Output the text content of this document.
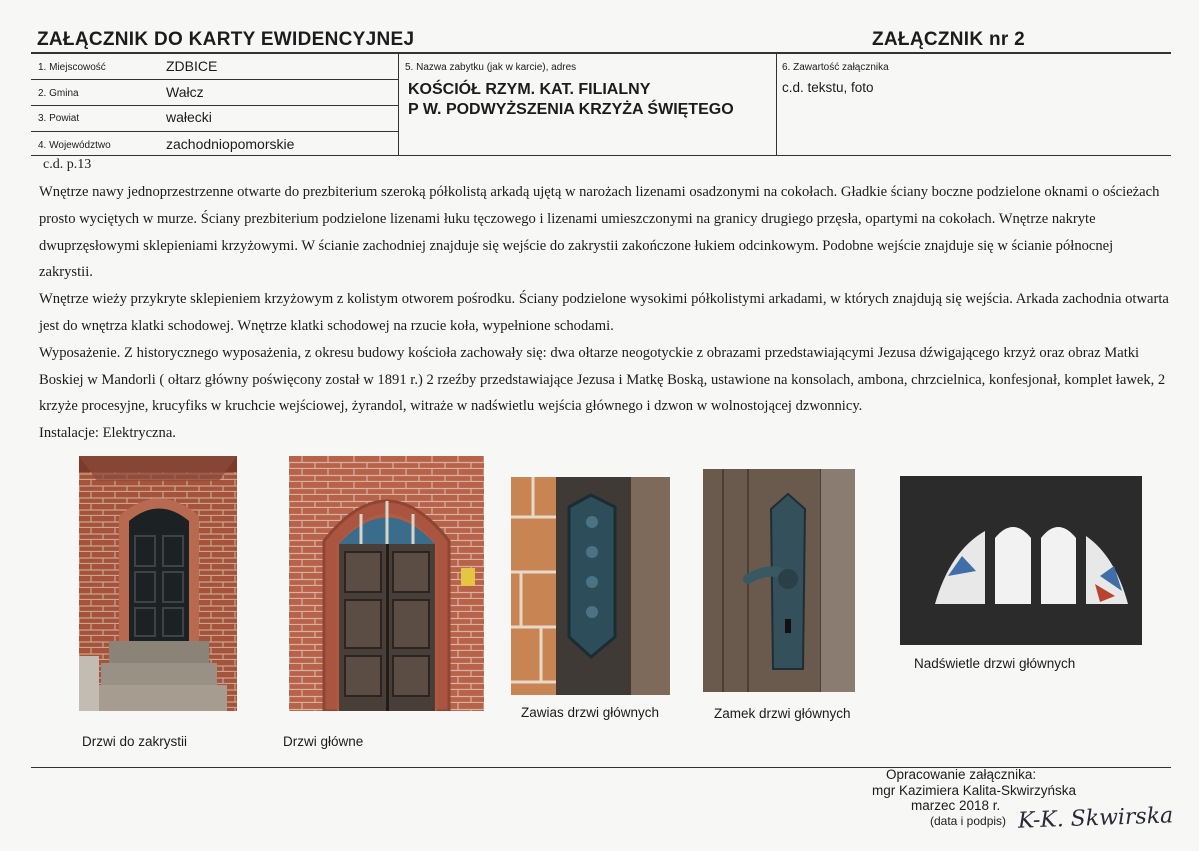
ZAŁĄCZNIK DO KARTY EWIDENCYJNEJ	ZAŁĄCZNIK nr 2
1. Miejscowość	ZDBICE
2. Gmina	Wałcz
3. Powiat	wałecki
4. Województwo	zachodniopomorskie
5. Nazwa zabytku (jak w karcie), adres
KOŚCIÓŁ RZYM. KAT. FILIALNY
P W. PODWYŻSZENIA KRZYŻA ŚWIĘTEGO
6. Zawartość załącznika
c.d. tekstu, foto
c.d. p.13

Wnętrze nawy jednoprzestrzenne otwarte do prezbiterium szeroką półkolistą arkadą ujętą w narożach lizenami osadzonymi na cokołach. Gładkie ściany boczne podzielone oknami o ościeżach prosto wyciętych w murze. Ściany prezbiterium podzielone lizenami łuku tęczowego i lizenami umieszczonymi na granicy drugiego przęsła, opartymi na cokołach. Wnętrze nakryte dwuprzęsłowymi sklepieniami krzyżowymi. W ścianie zachodniej znajduje się wejście do zakrystii zakończone łukiem odcinkowym. Podobne wejście znajduje się w ścianie północnej zakrystii.

Wnętrze wieży przykryte sklepieniem krzyżowym z kolistym otworem pośrodku. Ściany podzielone wysokimi półkolistymi arkadami, w których znajdują się wejścia. Arkada zachodnia otwarta jest do wnętrza klatki schodowej. Wnętrze klatki schodowej na rzucie koła, wypełnione schodami.

Wyposażenie. Z historycznego wyposażenia, z okresu budowy kościoła zachowały się: dwa ołtarze neogotyckie z obrazami przedstawiającymi Jezusa dźwigającego krzyż oraz obraz Matki Boskiej w Mandorli ( ołtarz główny poświęcony został w 1891 r.) 2 rzeźby przedstawiające Jezusa i Matkę Boską, ustawione na konsolach, ambona, chrzcielnica, konfesjonał, komplet ławek, 2 krzyże procesyjne, krucyfiks w kruchcie wejściowej, żyrandol, witraże w nadświetlu wejścia głównego i dzwon w wolnostojącej dzwonnicy.

Instalacje: Elektryczna.

Drzwi do zakrystii	Drzwi główne
Zawias drzwi głównych	Zamek drzwi głównych
Nadświetle drzwi głównych
Opracowanie załącznika:
mgr Kazimiera Kalita-Skwirzyńska
marzec 2018 r.
(data i podpis) K-K. Skwirska
